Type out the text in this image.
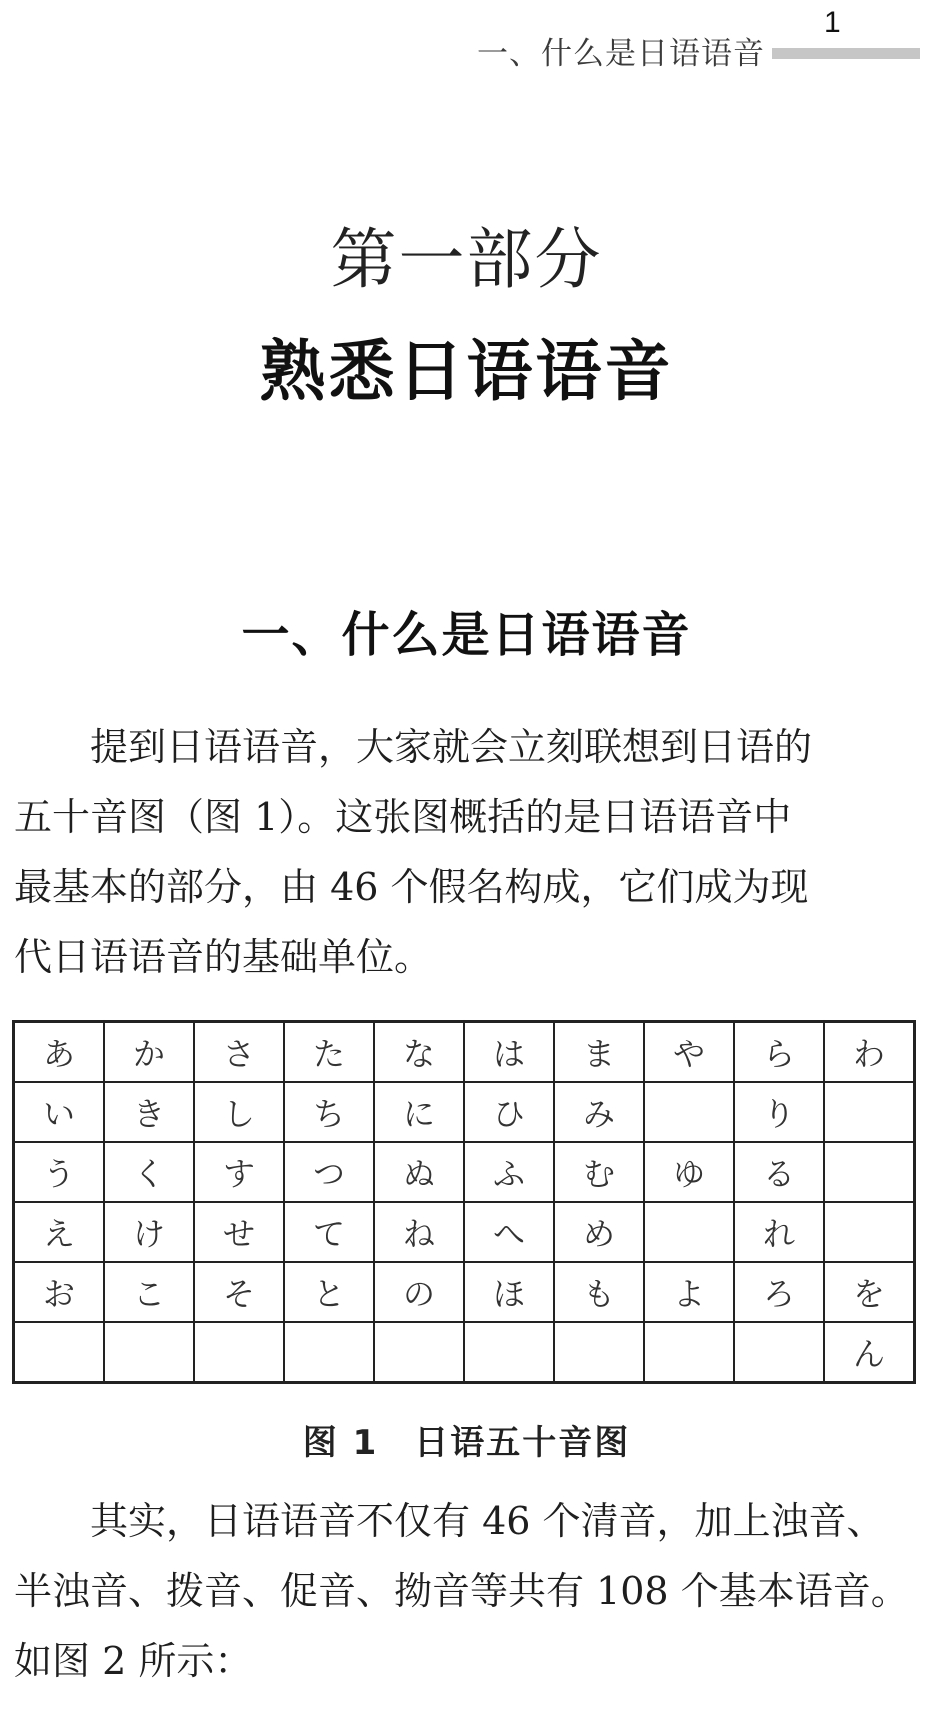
一、什么是日语语音
1
第一部分
熟悉日语语音
一、什么是日语语音
　　提到日语语音，大家就会立刻联想到日语的
五十音图（图 1）。这张图概括的是日语语音中
最基本的部分，由 46 个假名构成，它们成为现
代日语语音的基础单位。
あ	か	さ	た	な	は	ま	や	ら	わ
い	き	し	ち	に	ひ	み		り	
う	く	す	つ	ぬ	ふ	む	ゆ	る	
え	け	せ	て	ね	へ	め		れ	
お	こ	そ	と	の	ほ	も	よ	ろ	を
									ん
图 1 日语五十音图
　　其实，日语语音不仅有 46 个清音，加上浊音、
半浊音、拨音、促音、拗音等共有 108 个基本语音。
如图 2 所示：
